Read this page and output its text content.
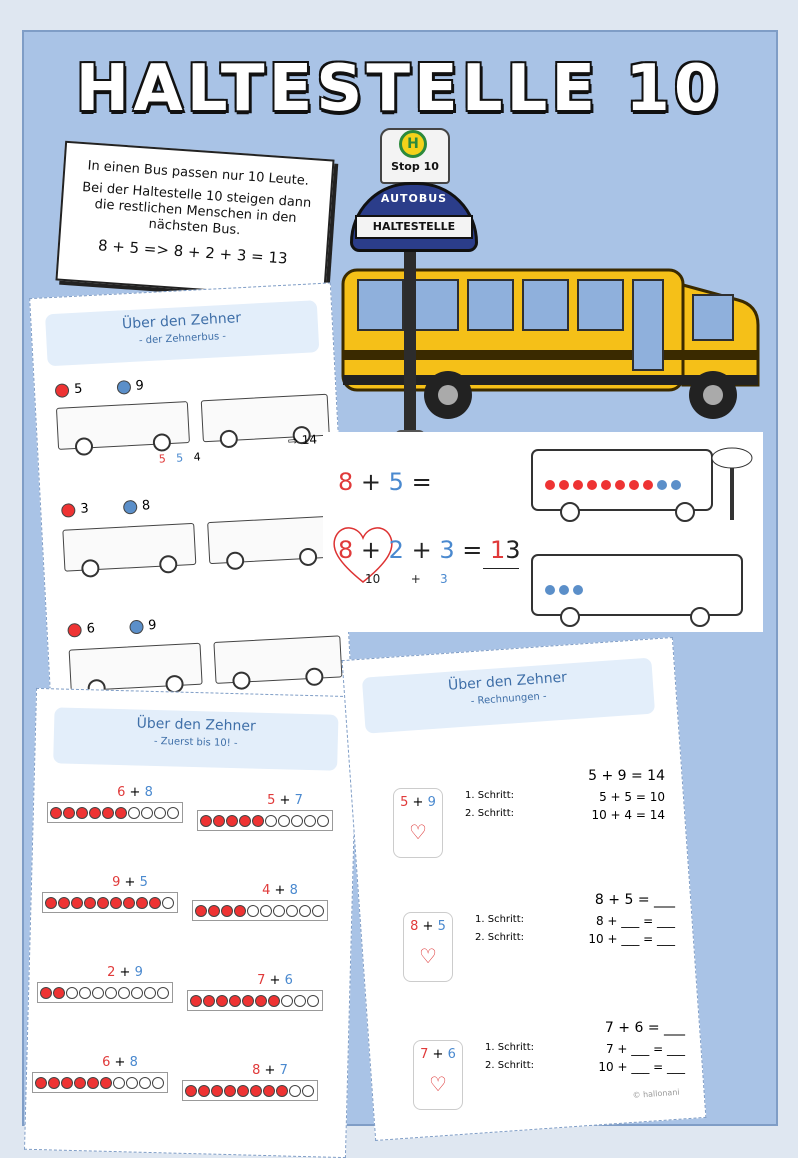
HALTESTELLE 10

In einen Bus passen nur 10 Leute.

Bei der Haltestelle 10 steigen dann die restlichen Menschen in den nächsten Bus.

8 + 5 => 8 + 2 + 3 = 13

H
Stop 10
AUTOBUS
HALTESTELLE
Über den Zehner
- der Zehnerbus -
5	9
5 5 4
⇨ 14
3	8
6	9
8 + 5 =
8 + 2 + 3 = 13
10	+ 3
Über den Zehner
- Zuerst bis 10! -
6 + 8
5 + 7
9 + 5
4 + 8
2 + 9
7 + 6
6 + 8
8 + 7
Über den Zehner
- Rechnungen -
© hallonani
5 + 9 = 14
1. Schritt:	5 + 5 = 10
2. Schritt:	10 + 4 = 14
5 + 9
♡
8 + 5 = ___
1. Schritt:	8 + ___ = ___
2. Schritt:	10 + ___ = ___
8 + 5
♡
7 + 6 = ___
1. Schritt:	7 + ___ = ___
2. Schritt:	10 + ___ = ___
7 + 6
♡
